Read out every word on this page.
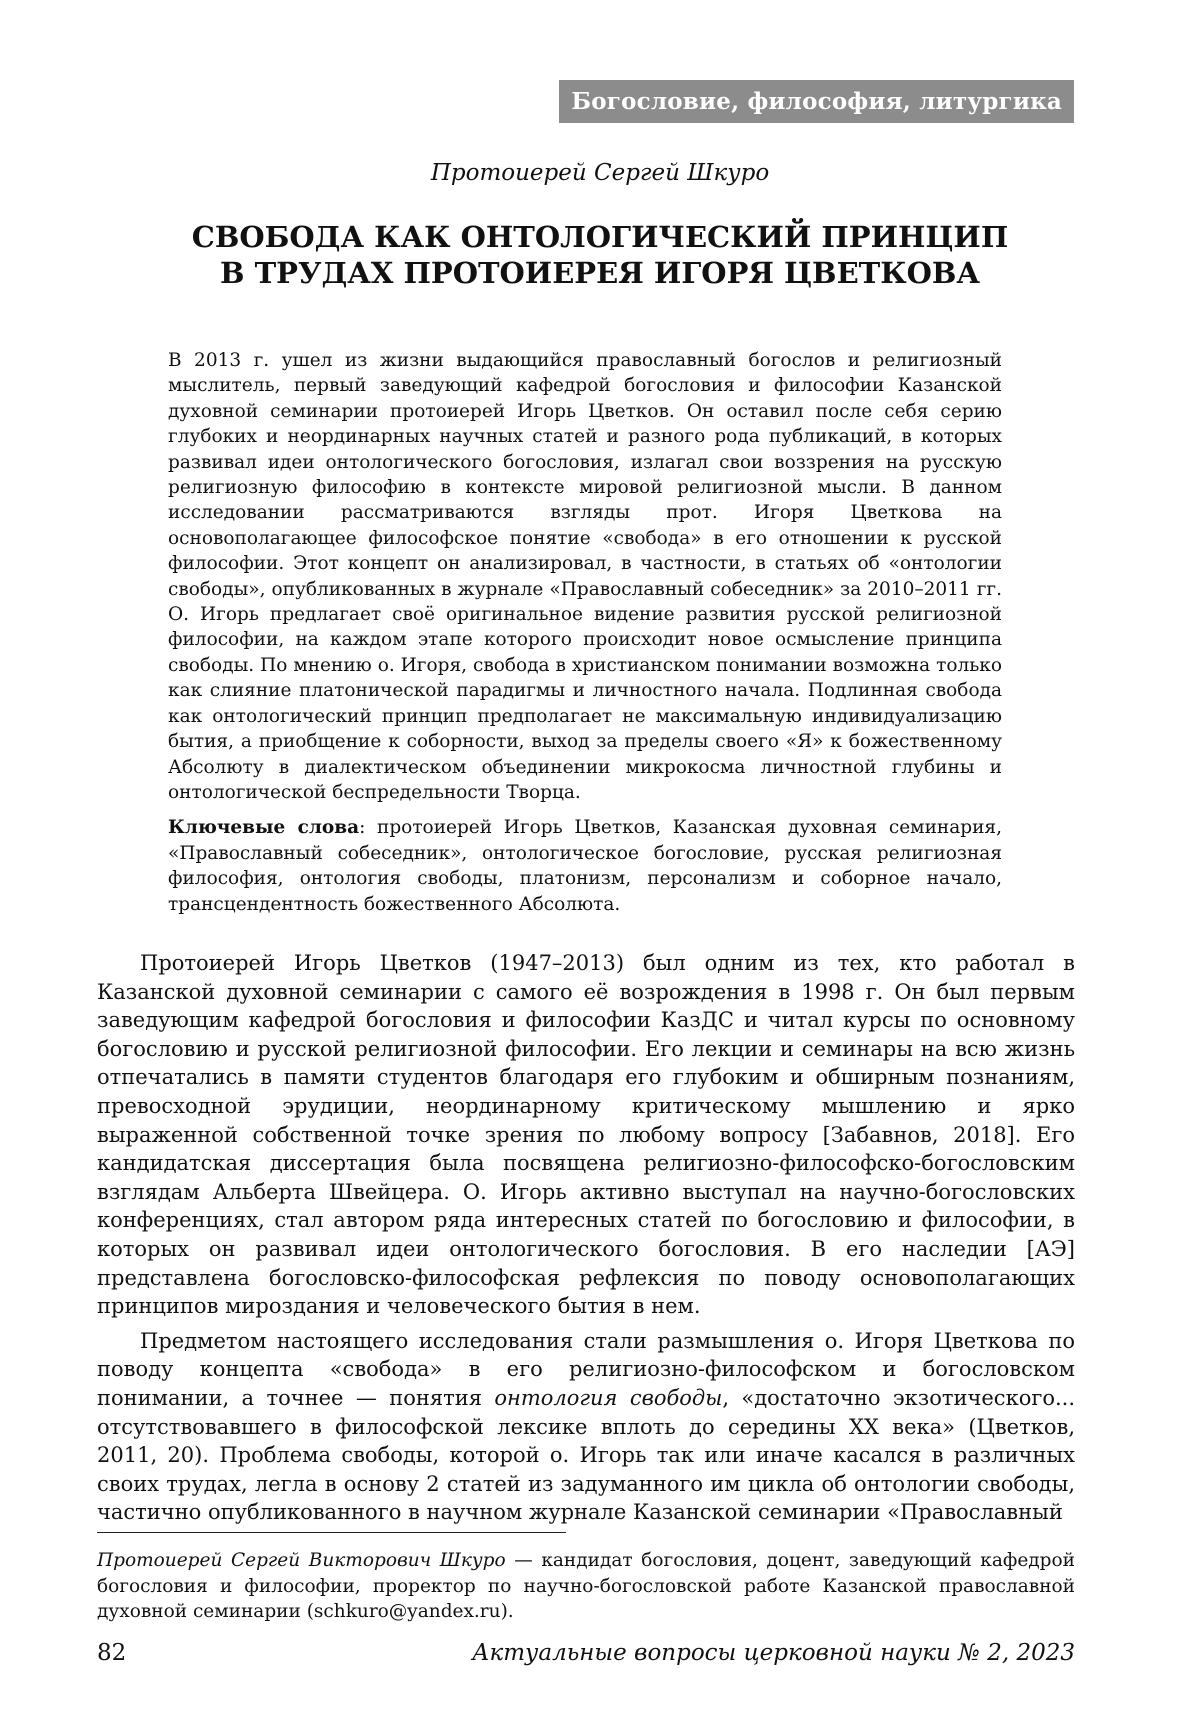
Богословие, философия, литургика
Протоиерей Сергей Шкуро
СВОБОДА КАК ОНТОЛОГИЧЕСКИЙ ПРИНЦИП
В ТРУДАХ ПРОТОИЕРЕЯ ИГОРЯ ЦВЕТКОВА

В 2013 г. ушел из жизни выдающийся православный богослов и религиозный мыслитель, первый заведующий кафедрой богословия и философии Казанской духовной семинарии протоиерей Игорь Цветков. Он оставил после себя серию глубоких и неординарных научных статей и разного рода публикаций, в которых развивал идеи онтологического богословия, излагал свои воззрения на русскую религиозную философию в контексте мировой религиозной мысли. В данном исследовании рассматриваются взгляды прот. Игоря Цветкова на основополагающее философское понятие «свобода» в его отношении к русской философии. Этот концепт он анализировал, в частности, в статьях об «онтологии свободы», опубликованных в журнале «Православный собеседник» за 2010–2011 гг. О. Игорь предлагает своё оригинальное видение развития русской религиозной философии, на каждом этапе которого происходит новое осмысление принципа свободы. По мнению о. Игоря, свобода в христианском понимании возможна только как слияние платонической парадигмы и личностного начала. Подлинная свобода как онтологический принцип предполагает не максимальную индивидуализацию бытия, а приобщение к соборности, выход за пределы своего «Я» к божественному Абсолюту в диалектическом объединении микрокосма личностной глубины и онтологической беспредельности Творца.

Ключевые слова: протоиерей Игорь Цветков, Казанская духовная семинария, «Православный собеседник», онтологическое богословие, русская религиозная философия, онтология свободы, платонизм, персонализм и соборное начало, трансцендентность божественного Абсолюта.

Протоиерей Игорь Цветков (1947–2013) был одним из тех, кто работал в Казанской духовной семинарии с самого её возрождения в 1998 г. Он был первым заведующим кафедрой богословия и философии КазДС и читал курсы по основному богословию и русской религиозной философии. Его лекции и семинары на всю жизнь отпечатались в памяти студентов благодаря его глубоким и обширным познаниям, превосходной эрудиции, неординарному критическому мышлению и ярко выраженной собственной точке зрения по любому вопросу [Забавнов, 2018]. Его кандидатская диссертация была посвящена религиозно-философско-богословским взглядам Альберта Швейцера. О. Игорь активно выступал на научно-богословских конференциях, стал автором ряда интересных статей по богословию и философии, в которых он развивал идеи онтологического богословия. В его наследии [АЭ] представлена богословско-философская рефлексия по поводу основополагающих принципов мироздания и человеческого бытия в нем.

Предметом настоящего исследования стали размышления о. Игоря Цветкова по поводу концепта «свобода» в его религиозно-философском и богословском понимании, а точнее — понятия онтология свободы, «достаточно экзотического... отсутствовавшего в философской лексике вплоть до середины XX века» (Цветков, 2011, 20). Проблема свободы, которой о. Игорь так или иначе касался в различных своих трудах, легла в основу 2 статей из задуманного им цикла об онтологии свободы, частично опубликованного в научном журнале Казанской семинарии «Православный

Протоиерей Сергей Викторович Шкуро — кандидат богословия, доцент, заведующий кафедрой богословия и философии, проректор по научно-богословской работе Казанской православной духовной семинарии (schkuro@yandex.ru).

82	Актуальные вопросы церковной науки № 2, 2023
